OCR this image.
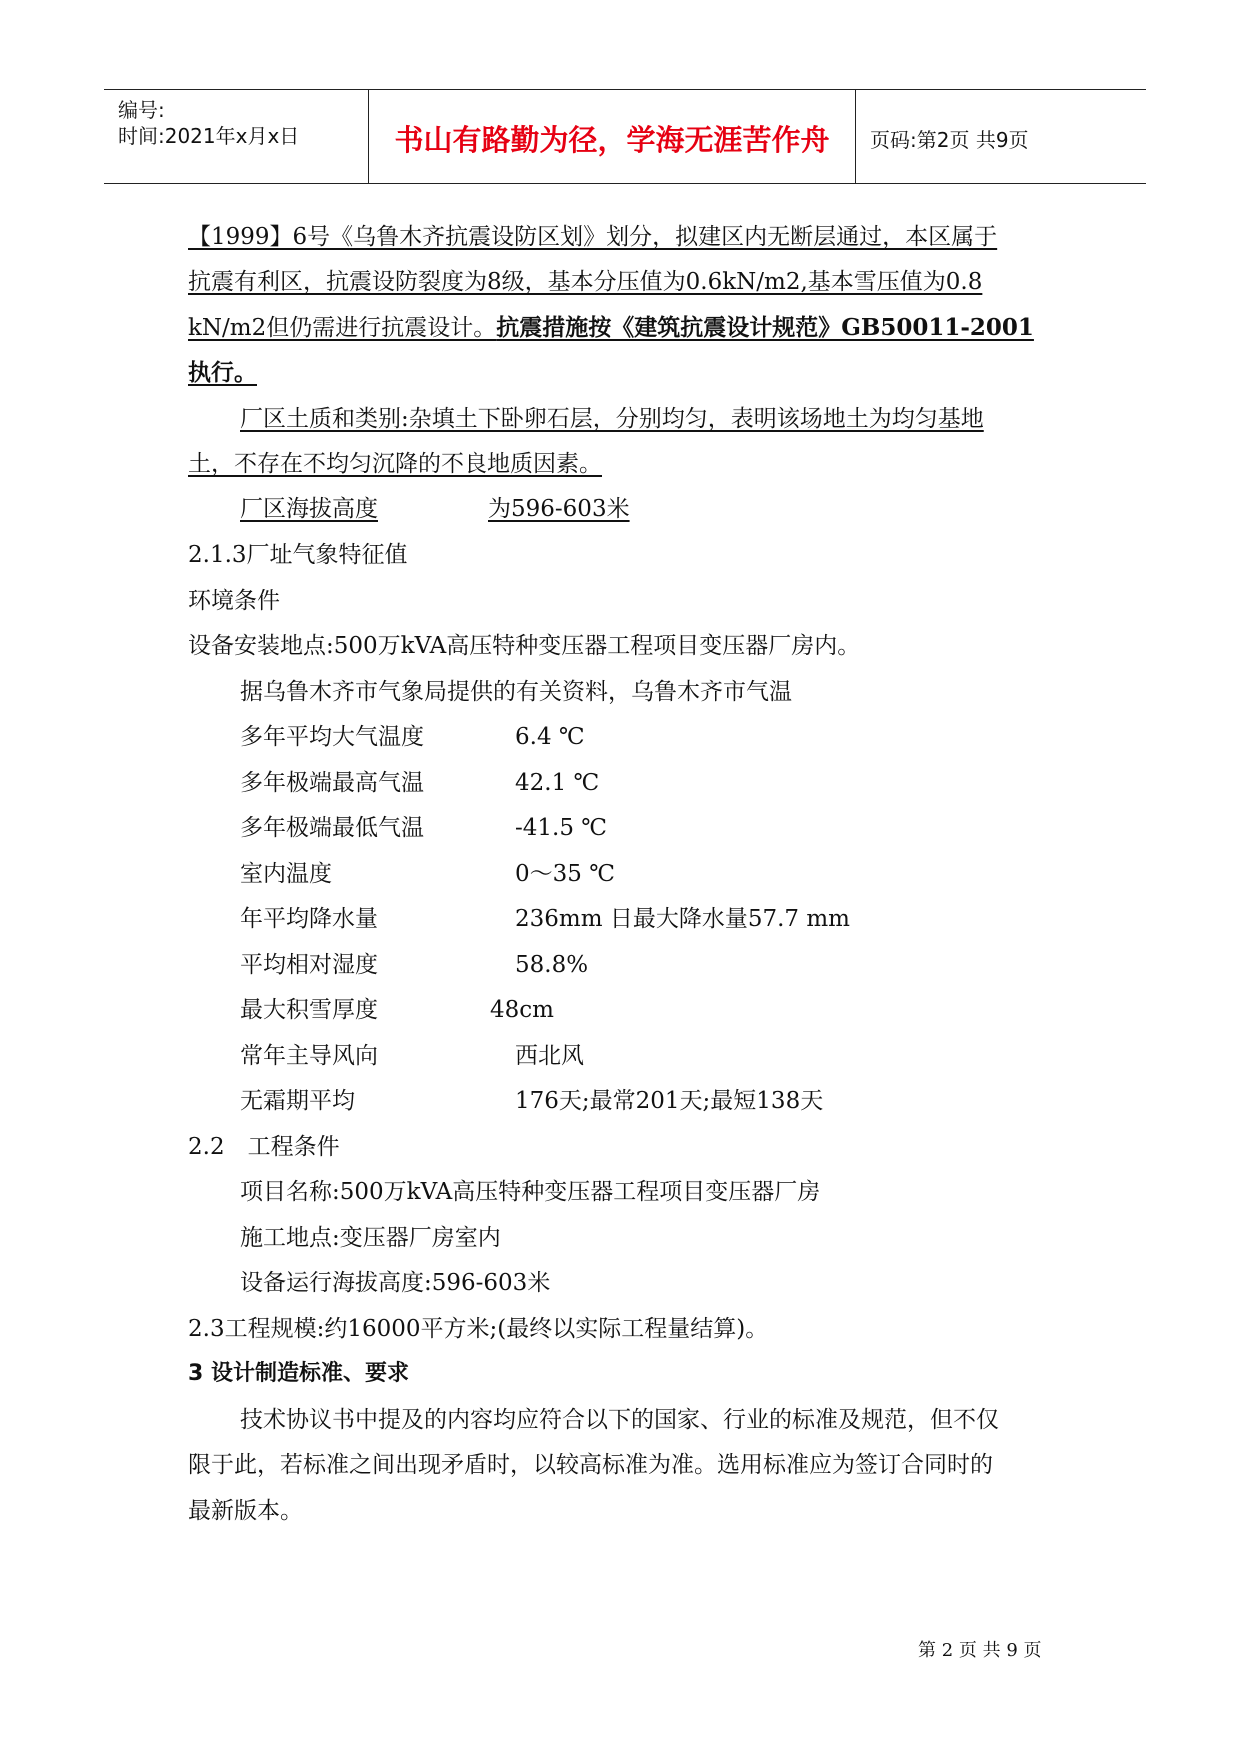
编号:
时间:2021年x月x日	书山有路勤为径，学海无涯苦作舟	页码:第2页 共9页
【1999】6号《乌鲁木齐抗震设防区划》划分，拟建区内无断层通过，本区属于
抗震有利区，抗震设防裂度为8级，基本分压值为0.6kN/m2,基本雪压值为0.8
kN/m2但仍需进行抗震设计。抗震措施按《建筑抗震设计规范》GB50011-2001
执行。
厂区土质和类别:杂填土下卧卵石层，分别均匀，表明该场地土为均匀基地
土，不存在不均匀沉降的不良地质因素。
厂区海拔高度	为596-603米
2.1.3厂址气象特征值
环境条件
设备安装地点:500万kVA高压特种变压器工程项目变压器厂房内。
据乌鲁木齐市气象局提供的有关资料，乌鲁木齐市气温
多年平均大气温度	6.4 ℃
多年极端最高气温	42.1 ℃
多年极端最低气温	-41.5 ℃
室内温度	0～35 ℃
年平均降水量	236mm 日最大降水量57.7 mm
平均相对湿度	58.8%
最大积雪厚度	48cm
常年主导风向	西北风
无霜期平均	176天;最常201天;最短138天
2.2　工程条件
项目名称:500万kVA高压特种变压器工程项目变压器厂房
施工地点:变压器厂房室内
设备运行海拔高度:596-603米
2.3工程规模:约16000平方米;(最终以实际工程量结算)。
3 设计制造标准、要求
技术协议书中提及的内容均应符合以下的国家、行业的标准及规范，但不仅
限于此，若标准之间出现矛盾时，以较高标准为准。选用标准应为签订合同时的
最新版本。
第 2 页 共 9 页
